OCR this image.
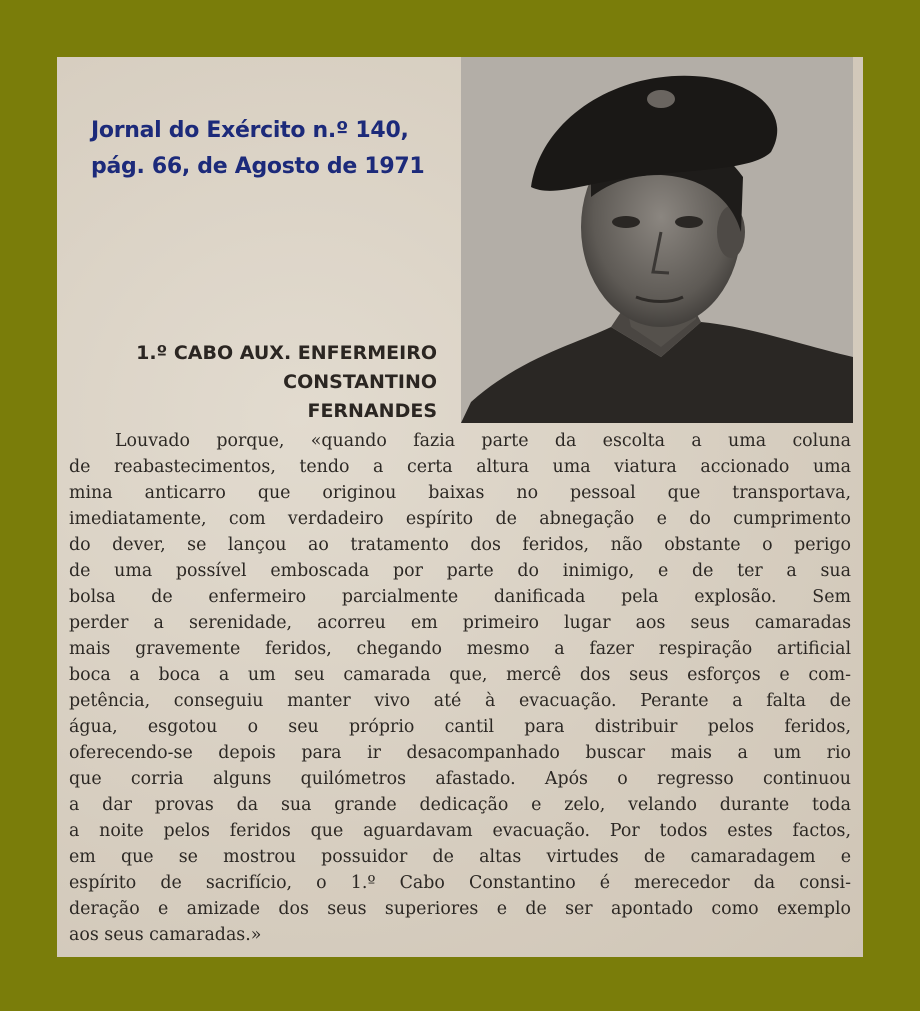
Jornal do Exército n.º 140,
pág. 66, de Agosto de 1971
1.º CABO AUX. ENFERMEIRO
CONSTANTINO
FERNANDES
Louvado porque, «quando fazia parte da escolta a uma coluna
de reabastecimentos, tendo a certa altura uma viatura accionado uma
mina anticarro que originou baixas no pessoal que transportava,
imediatamente, com verdadeiro espírito de abnegação e do cumprimento
do dever, se lançou ao tratamento dos feridos, não obstante o perigo
de uma possível emboscada por parte do inimigo, e de ter a sua
bolsa de enfermeiro parcialmente danificada pela explosão. Sem
perder a serenidade, acorreu em primeiro lugar aos seus camaradas
mais gravemente feridos, chegando mesmo a fazer respiração artificial
boca a boca a um seu camarada que, mercê dos seus esforços e com-
petência, conseguiu manter vivo até à evacuação. Perante a falta de
água, esgotou o seu próprio cantil para distribuir pelos feridos,
oferecendo-se depois para ir desacompanhado buscar mais a um rio
que corria alguns quilómetros afastado. Após o regresso continuou
a dar provas da sua grande dedicação e zelo, velando durante toda
a noite pelos feridos que aguardavam evacuação. Por todos estes factos,
em que se mostrou possuidor de altas virtudes de camaradagem e
espírito de sacrifício, o 1.º Cabo Constantino é merecedor da consi-
deração e amizade dos seus superiores e de ser apontado como exemplo
aos seus camaradas.»
